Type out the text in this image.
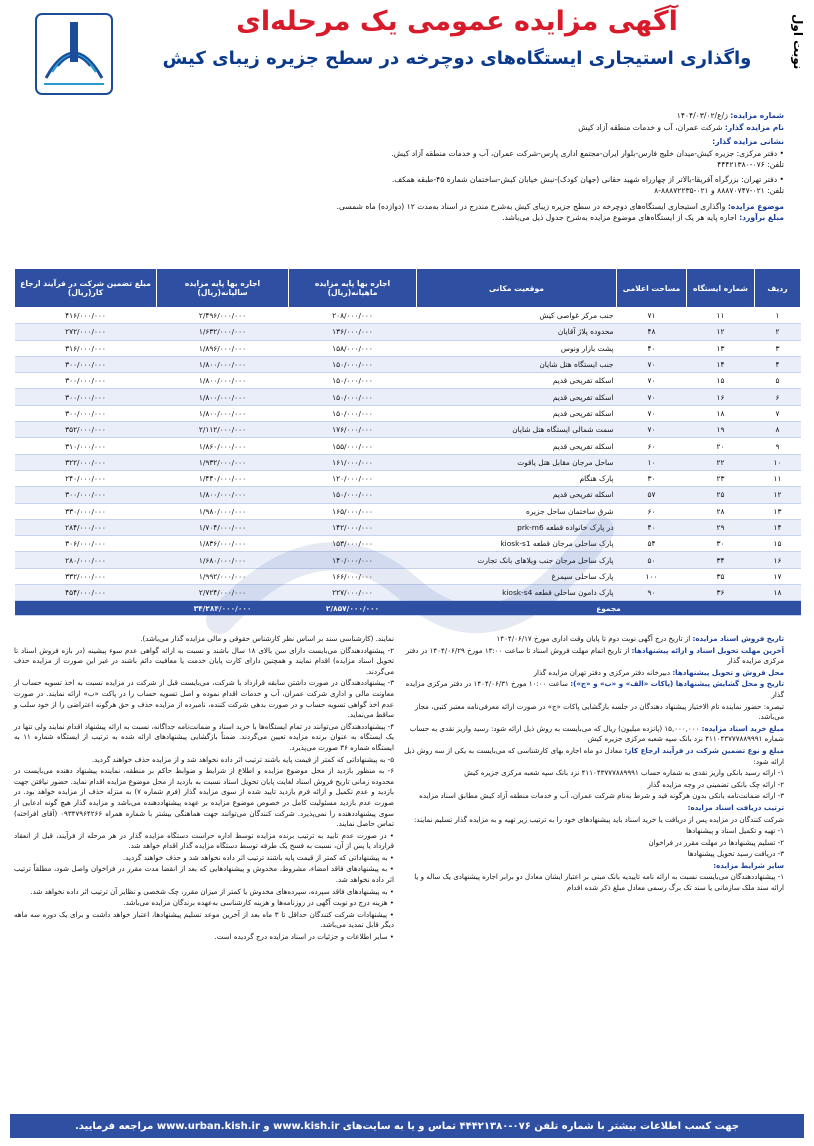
نوبت اول
آگهی مزایده عمومی یک مرحله‌ای
واگذاری استیجاری ایستگاه‌های دوچرخه در سطح جزیره زیبای کیش
شماره مزایده: ز/ع/۱۴۰۴/۰۳/۰۲
نام مزایده گذار: شرکت عمران، آب و خدمات منطقه آزاد کیش
نشانی مزایده گذار:
• دفتر مرکزی: جزیره کیش-میدان خلیج فارس-بلوار ایران-مجتمع اداری پارس-شرکت عمران، آب و خدمات منطقه آزاد کیش.
تلفن: ۰۷۶-۴۴۴۲۱۳۸۰
• دفتر تهران: بزرگراه آفریقا-بالاتر از چهارراه شهید حقانی (جهان کودک)-نبش خیابان کیش-ساختمان شماره ۴۵-طبقه همکف.
تلفن: ۰۲۱-۸۸۸۷۰۷۴۷ و ۰۲۱-۸۸۸۷۲۲۳۵-۸
موضوع مزایده: واگذاری استیجاری ایستگاه‌های دوچرخه در سطح جزیره زیبای کیش به‌شرح مندرج در اسناد به‌مدت ۱۲ (دوازده) ماه شمسی.
مبلغ برآورد: اجاره پایه هر یک از ایستگاه‌های موضوع مزایده به‌شرح جدول ذیل می‌باشد.
ردیف	شماره ایستگاه	مساحت اعلامی	موقعیت مکانی	اجاره بها پایه مزایده ماهیانه(ریال)	اجاره بها پایه مزایده سالیانه(ریال)	مبلغ تضمین شرکت در فرآیند ارجاع کار(ریال)
۱	۱۱	۷۱	جنب مرکز غواصی کیش	۲۰۸/۰۰۰/۰۰۰	۲/۴۹۶/۰۰۰/۰۰۰	۴۱۶/۰۰۰/۰۰۰
۲	۱۲	۴۸	محدوده پلاژ آقایان	۱۳۶/۰۰۰/۰۰۰	۱/۶۳۲/۰۰۰/۰۰۰	۲۷۲/۰۰۰/۰۰۰
۳	۱۳	۴۰	پشت بازار ونوس	۱۵۸/۰۰۰/۰۰۰	۱/۸۹۶/۰۰۰/۰۰۰	۳۱۶/۰۰۰/۰۰۰
۴	۱۴	۷۰	جنب ایستگاه هتل شایان	۱۵۰/۰۰۰/۰۰۰	۱/۸۰۰/۰۰۰/۰۰۰	۳۰۰/۰۰۰/۰۰۰
۵	۱۵	۷۰	اسکله تفریحی قدیم	۱۵۰/۰۰۰/۰۰۰	۱/۸۰۰/۰۰۰/۰۰۰	۳۰۰/۰۰۰/۰۰۰
۶	۱۶	۷۰	اسکله تفریحی قدیم	۱۵۰/۰۰۰/۰۰۰	۱/۸۰۰/۰۰۰/۰۰۰	۳۰۰/۰۰۰/۰۰۰
۷	۱۸	۷۰	اسکله تفریحی قدیم	۱۵۰/۰۰۰/۰۰۰	۱/۸۰۰/۰۰۰/۰۰۰	۳۰۰/۰۰۰/۰۰۰
۸	۱۹	۷۰	سمت شمالی ایستگاه هتل شایان	۱۷۶/۰۰۰/۰۰۰	۲/۱۱۲/۰۰۰/۰۰۰	۳۵۲/۰۰۰/۰۰۰
۹	۲۰	۶۰	اسکله تفریحی قدیم	۱۵۵/۰۰۰/۰۰۰	۱/۸۶۰/۰۰۰/۰۰۰	۳۱۰/۰۰۰/۰۰۰
۱۰	۲۲	۱۰	ساحل مرجان مقابل هتل یاقوت	۱۶۱/۰۰۰/۰۰۰	۱/۹۳۲/۰۰۰/۰۰۰	۳۲۲/۰۰۰/۰۰۰
۱۱	۲۳	۳۰	پارک هنگام	۱۲۰/۰۰۰/۰۰۰	۱/۴۴۰/۰۰۰/۰۰۰	۲۴۰/۰۰۰/۰۰۰
۱۲	۲۵	۵۷	اسکله تفریحی قدیم	۱۵۰/۰۰۰/۰۰۰	۱/۸۰۰/۰۰۰/۰۰۰	۳۰۰/۰۰۰/۰۰۰
۱۳	۲۸	۶۰	شرق ساختمان ساحل جزیره	۱۶۵/۰۰۰/۰۰۰	۱/۹۸۰/۰۰۰/۰۰۰	۳۳۰/۰۰۰/۰۰۰
۱۴	۲۹	۴۰	در پارک خانواده قطعه prk-m6	۱۴۲/۰۰۰/۰۰۰	۱/۷۰۴/۰۰۰/۰۰۰	۲۸۴/۰۰۰/۰۰۰
۱۵	۳۰	۵۴	پارک ساحلی مرجان قطعه kiosk-s1	۱۵۳/۰۰۰/۰۰۰	۱/۸۳۶/۰۰۰/۰۰۰	۳۰۶/۰۰۰/۰۰۰
۱۶	۳۴	۵۰	پارک ساحل مرجان جنب ویلاهای بانک تجارت	۱۴۰/۰۰۰/۰۰۰	۱/۶۸۰/۰۰۰/۰۰۰	۲۸۰/۰۰۰/۰۰۰
۱۷	۳۵	۱۰۰	پارک ساحلی سیمرغ	۱۶۶/۰۰۰/۰۰۰	۱/۹۹۲/۰۰۰/۰۰۰	۳۳۲/۰۰۰/۰۰۰
۱۸	۳۶	۹۰	پارک دامون ساحلی قطعه kiosk-s4	۲۲۷/۰۰۰/۰۰۰	۲/۷۲۴/۰۰۰/۰۰۰	۴۵۴/۰۰۰/۰۰۰
مجموع				۲/۸۵۷/۰۰۰/۰۰۰	۳۴/۲۸۴/۰۰۰/۰۰۰	

تاریخ فروش اسناد مزایده: از تاریخ درج آگهی نوبت دوم تا پایان وقت اداری مورخ ۱۴۰۴/۰۶/۱۷

آخرین مهلت تحویل اسناد و ارائه پیشنهادها: از تاریخ اتمام مهلت فروش اسناد تا ساعت ۱۳:۰۰ مورخ ۱۴۰۴/۰۶/۲۹ در دفتر مرکزی مزایده گذار

محل فروش و تحویل پیشنهادها: دبیرخانه دفتر مرکزی و دفتر تهران مزایده گذار

تاریخ و محل گشایش پیشنهادها (پاکات «الف» و «ب» و «ج»): ساعت ۱۰:۰۰ مورخ ۱۴۰۴/۰۶/۳۱ در دفتر مرکزی مزایده گذار

تبصره: حضور نماینده تام الاختیار پیشنهاد دهندگان در جلسه بازگشایی پاکات «ج» در صورت ارائه معرفی‌نامه معتبر کتبی، مجاز می‌باشد.

مبلغ خرید اسناد مزایده: ۱۵,۰۰۰,۰۰۰ (پانزده میلیون) ریال که می‌بایست به روش ذیل ارائه شود: رسید واریز نقدی به حساب شماره ۴۱۱۰۴۳۷۷۷۸۸۹۹۹۱ نزد بانک سپه شعبه مرکزی جزیره کیش

مبلغ و نوع تضمین شرکت در فرآیند ارجاع کار: معادل دو ماه اجاره بهای کارشناسی که می‌بایست به یکی از سه روش ذیل ارائه شود:

۱- ارائه رسید بانکی واریز نقدی به شماره حساب ۴۱۱۰۴۳۷۷۷۸۸۹۹۹۱ نزد بانک سپه شعبه مرکزی جزیره کیش

۲- ارائه چک بانکی تضمینی در وجه مزایده گذار

۳- ارائه ضمانت‌نامه بانکی بدون هرگونه قید و شرط به‌نام شرکت عمران، آب و خدمات منطقه آزاد کیش مطابق اسناد مزایده

ترتیب دریافت اسناد مزایده:

شرکت کنندگان در مزایده پس از دریافت یا خرید اسناد باید پیشنهادهای خود را به ترتیب زیر تهیه و به مزایده گذار تسلیم نمایند:

۱- تهیه و تکمیل اسناد و پیشنهادها

۲- تسلیم پیشنهادها در مهلت مقرر در فراخوان

۳- دریافت رسید تحویل پیشنهادها

سایر شرایط مزایده:

۱- پیشنهاددهندگان می‌بایست نسبت به ارائه نامه تاییدیه بانک مبنی بر اعتبار ایشان معادل دو برابر اجاره پیشنهادی یک ساله و یا ارائه سند ملک سازمانی یا سند تک برگ رسمی معادل مبلغ ذکر شده اقدام

نمایند. (کارشناسی سند بر اساس نظر کارشناس حقوقی و مالی مزایده گذار می‌باشد).

۲- پیشنهاددهندگان می‌بایست دارای سن بالای ۱۸ سال باشند و نسبت به ارائه گواهی عدم سوء پیشینه (در بازه فروش اسناد تا تحویل اسناد مزایده) اقدام نمایند و همچنین دارای کارت پایان خدمت یا معافیت دائم باشند در غیر این صورت از مزایده حذف می‌گردند.

۳- پیشنهاددهندگان در صورت داشتن سابقه قرارداد با شرکت، می‌بایست قبل از شرکت در مزایده نسبت به اخذ تسویه حساب از معاونت مالی و اداری شرکت عمران، آب و خدمات اقدام نموده و اصل تسویه حساب را در پاکت «ب» ارائه نمایند. در صورت عدم اخذ گواهی تسویه حساب و در صورت بدهی شرکت کننده، نامبرده از مزایده حذف و حق هرگونه اعتراضی را از خود سلب و ساقط می‌نماید.

۴- پیشنهاددهندگان می‌توانند در تمام ایستگاه‌ها با خرید اسناد و ضمانت‌نامه جداگانه، نسبت به ارائه پیشنهاد اقدام نمایند ولی تنها در یک ایستگاه به عنوان برنده مزایده تعیین می‌گردند. ضمناً بازگشایی پیشنهادهای ارائه شده به ترتیب از ایستگاه شماره ۱۱ به ایستگاه شماره ۳۶ صورت می‌پذیرد.

۵- به پیشنهاداتی که کمتر از قیمت پایه باشند ترتیب اثر داده نخواهد شد و از مزایده حذف خواهند گردید.

۶- به منظور بازدید از محل موضوع مزایده و اطلاع از شرایط و ضوابط حاکم بر منطقه، نماینده پیشنهاد دهنده می‌بایست در محدوده زمانی تاریخ فروش اسناد لغایت پایان تحویل اسناد نسبت به بازدید از محل موضوع مزایده اقدام نماید. حضور نیافتن جهت بازدید و عدم تکمیل و ارائه فرم بازدید تایید شده از سوی مزایده گذار (فرم شماره ۷) به منزله حذف از مزایده خواهد بود. در صورت عدم بازدید مسئولیت کامل در خصوص موضوع مزایده بر عهده پیشنهاددهنده می‌باشد و مزایده گذار هیچ گونه ادعایی از سوی پیشنهاددهنده را نمی‌پذیرد. شرکت کنندگان می‌توانند جهت هماهنگی بیشتر با شماره همراه ۰۹۳۴۷۹۶۴۲۶۶ (آقای افراخته) تماس حاصل نمایند.

• در صورت عدم تایید به ترتیب برنده مزایده توسط اداره حراست دستگاه مزایده گذار در هر مرحله از فرآیند، قبل از انعقاد قرارداد یا پس از آن، نسبت به فسخ یک طرفه توسط دستگاه مزایده گذار اقدام خواهد شد.

• به پیشنهاداتی که کمتر از قیمت پایه باشند ترتیب اثر داده نخواهد شد و حذف خواهند گردید.

• به پیشنهادهای فاقد امضاء، مشروط، مخدوش و پیشنهادهایی که بعد از انقضا مدت مقرر در فراخوان واصل شود، مطلقاً ترتیب اثر داده نخواهد شد.

• به پیشنهادهای فاقد سپرده، سپرده‌های مخدوش یا کمتر از میزان مقرر، چک شخصی و نظایر آن ترتیب اثر داده نخواهد شد.

• هزینه درج دو نوبت آگهی در روزنامه‌ها و هزینه کارشناسی به‌عهده برندگان مزایده می‌باشد.

• پیشنهادات شرکت کنندگان حداقل تا ۳ ماه بعد از آخرین موعد تسلیم پیشنهادها، اعتبار خواهد داشت و برای یک دوره سه ماهه دیگر قابل تمدید می‌باشد.

• سایر اطلاعات و جزئیات در اسناد مزایده درج گردیده است.

جهت کسب اطلاعات بیشتر با شماره تلفن ۰۷۶-۴۴۴۲۱۳۸۰ تماس و یا به سایت‌های www.kish.ir و www.urban.kish.ir مراجعه فرمایید.
